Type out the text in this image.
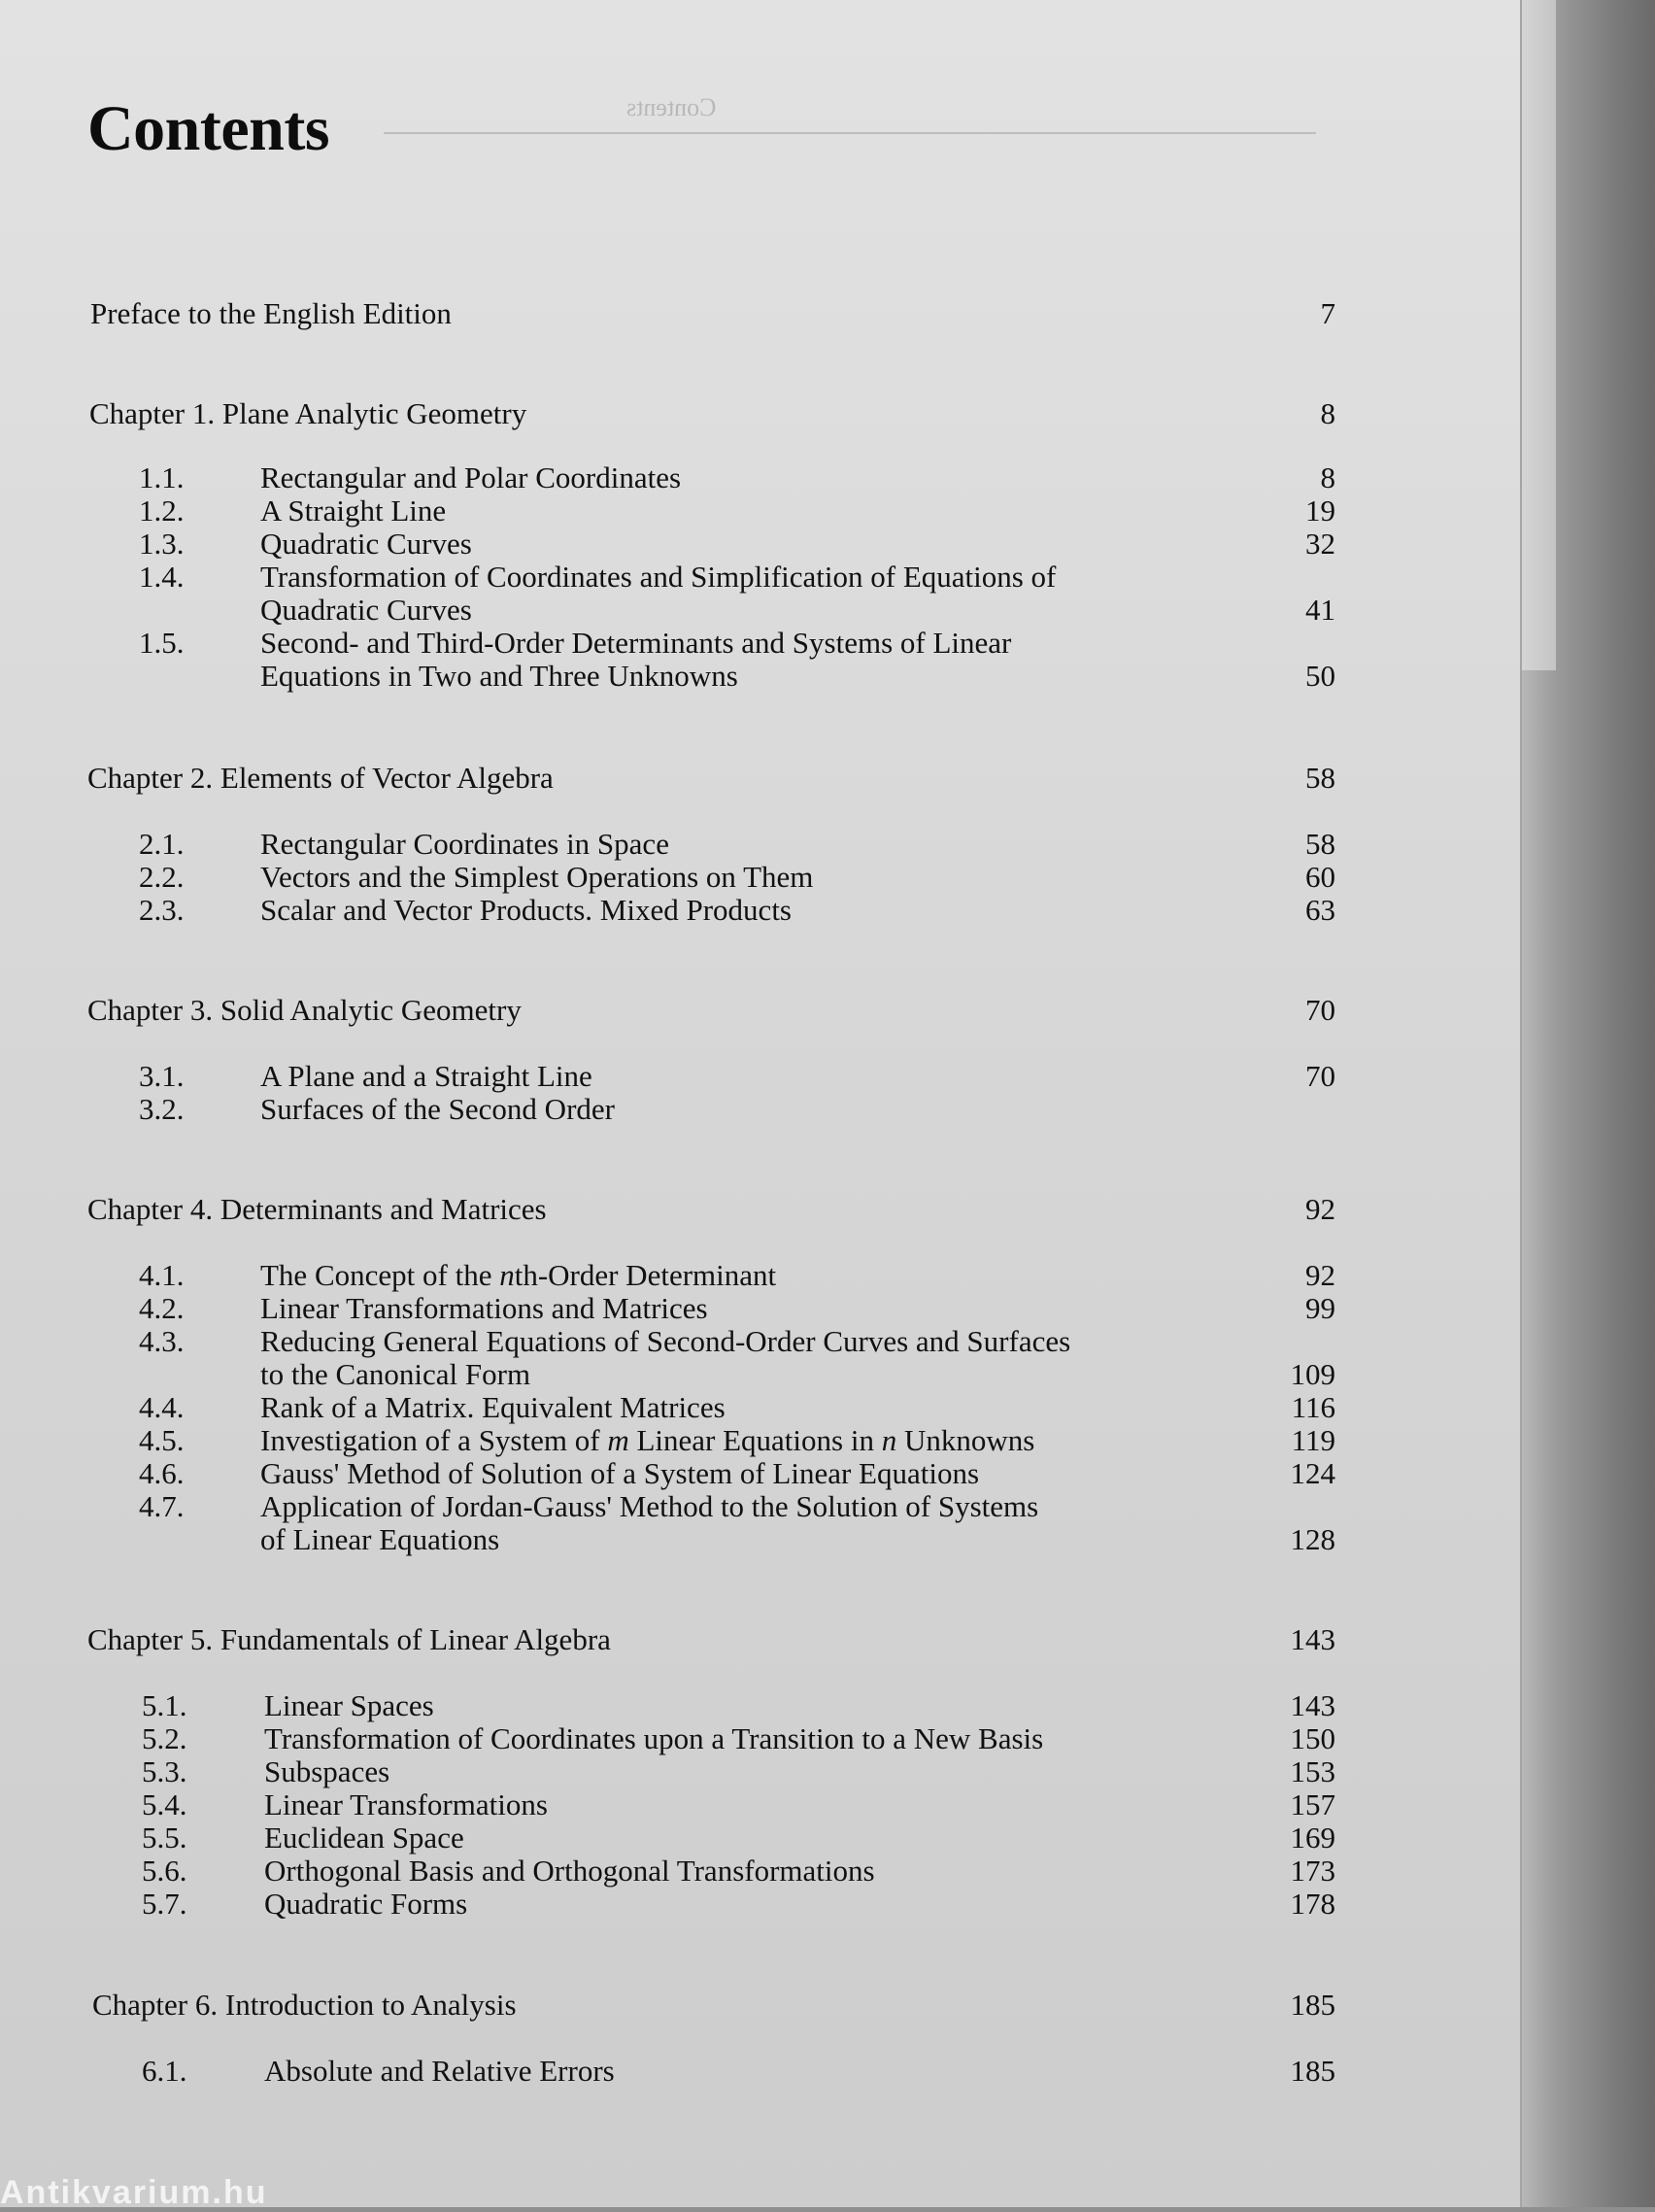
Contents
Contents
Preface to the English Edition	7
Chapter 1. Plane Analytic Geometry	8
1.1.	Rectangular and Polar Coordinates	8
1.2.	A Straight Line	19
1.3.	Quadratic Curves	32
1.4.	Transformation of Coordinates and Simplification of Equations of
Quadratic Curves	41
1.5.	Second- and Third-Order Determinants and Systems of Linear
Equations in Two and Three Unknowns	50
Chapter 2. Elements of Vector Algebra	58
2.1.	Rectangular Coordinates in Space	58
2.2.	Vectors and the Simplest Operations on Them	60
2.3.	Scalar and Vector Products. Mixed Products	63
Chapter 3. Solid Analytic Geometry	70
3.1.	A Plane and a Straight Line	70
3.2.	Surfaces of the Second Order
Chapter 4. Determinants and Matrices	92
4.1.	The Concept of the nth-Order Determinant	92
4.2.	Linear Transformations and Matrices	99
4.3.	Reducing General Equations of Second-Order Curves and Surfaces
to the Canonical Form	109
4.4.	Rank of a Matrix. Equivalent Matrices	116
4.5.	Investigation of a System of m Linear Equations in n Unknowns	119
4.6.	Gauss' Method of Solution of a System of Linear Equations	124
4.7.	Application of Jordan-Gauss' Method to the Solution of Systems
of Linear Equations	128
Chapter 5. Fundamentals of Linear Algebra	143
5.1.	Linear Spaces	143
5.2.	Transformation of Coordinates upon a Transition to a New Basis	150
5.3.	Subspaces	153
5.4.	Linear Transformations	157
5.5.	Euclidean Space	169
5.6.	Orthogonal Basis and Orthogonal Transformations	173
5.7.	Quadratic Forms	178
Chapter 6. Introduction to Analysis	185
6.1.	Absolute and Relative Errors	185
Antikvarium.hu
